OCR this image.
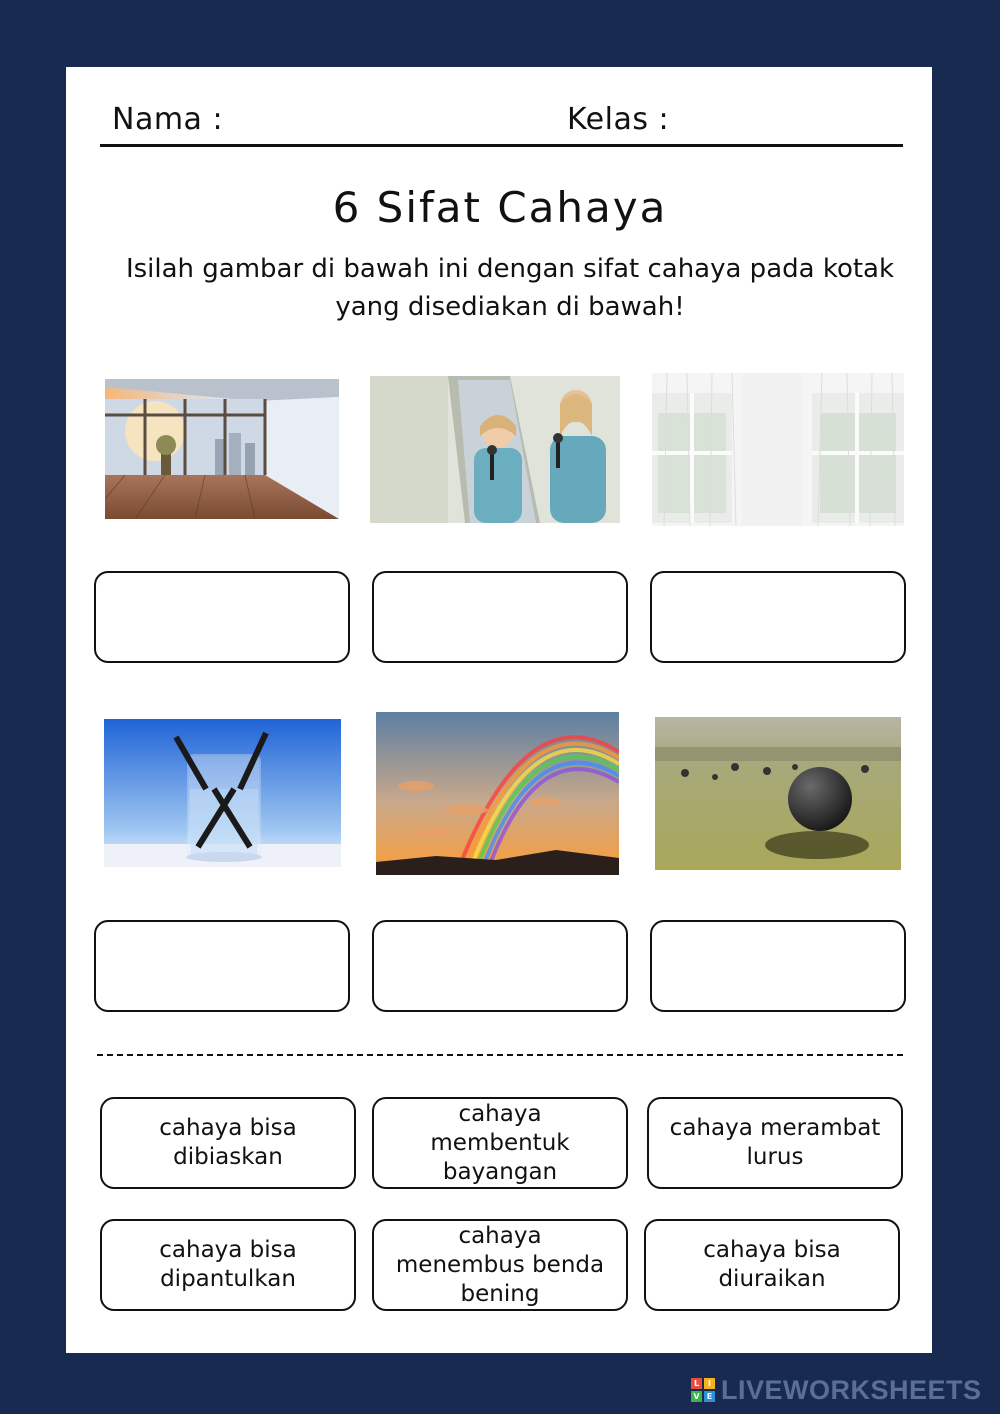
Nama :	Kelas :
6 Sifat Cahaya
Isilah gambar di bawah ini dengan sifat cahaya pada kotak yang disediakan di bawah!
cahaya bisa dibiaskan
cahaya membentuk bayangan
cahaya merambat lurus
cahaya bisa dipantulkan
cahaya menembus benda bening
cahaya bisa diuraikan
L	I
V E LIVEWORKSHEETS
